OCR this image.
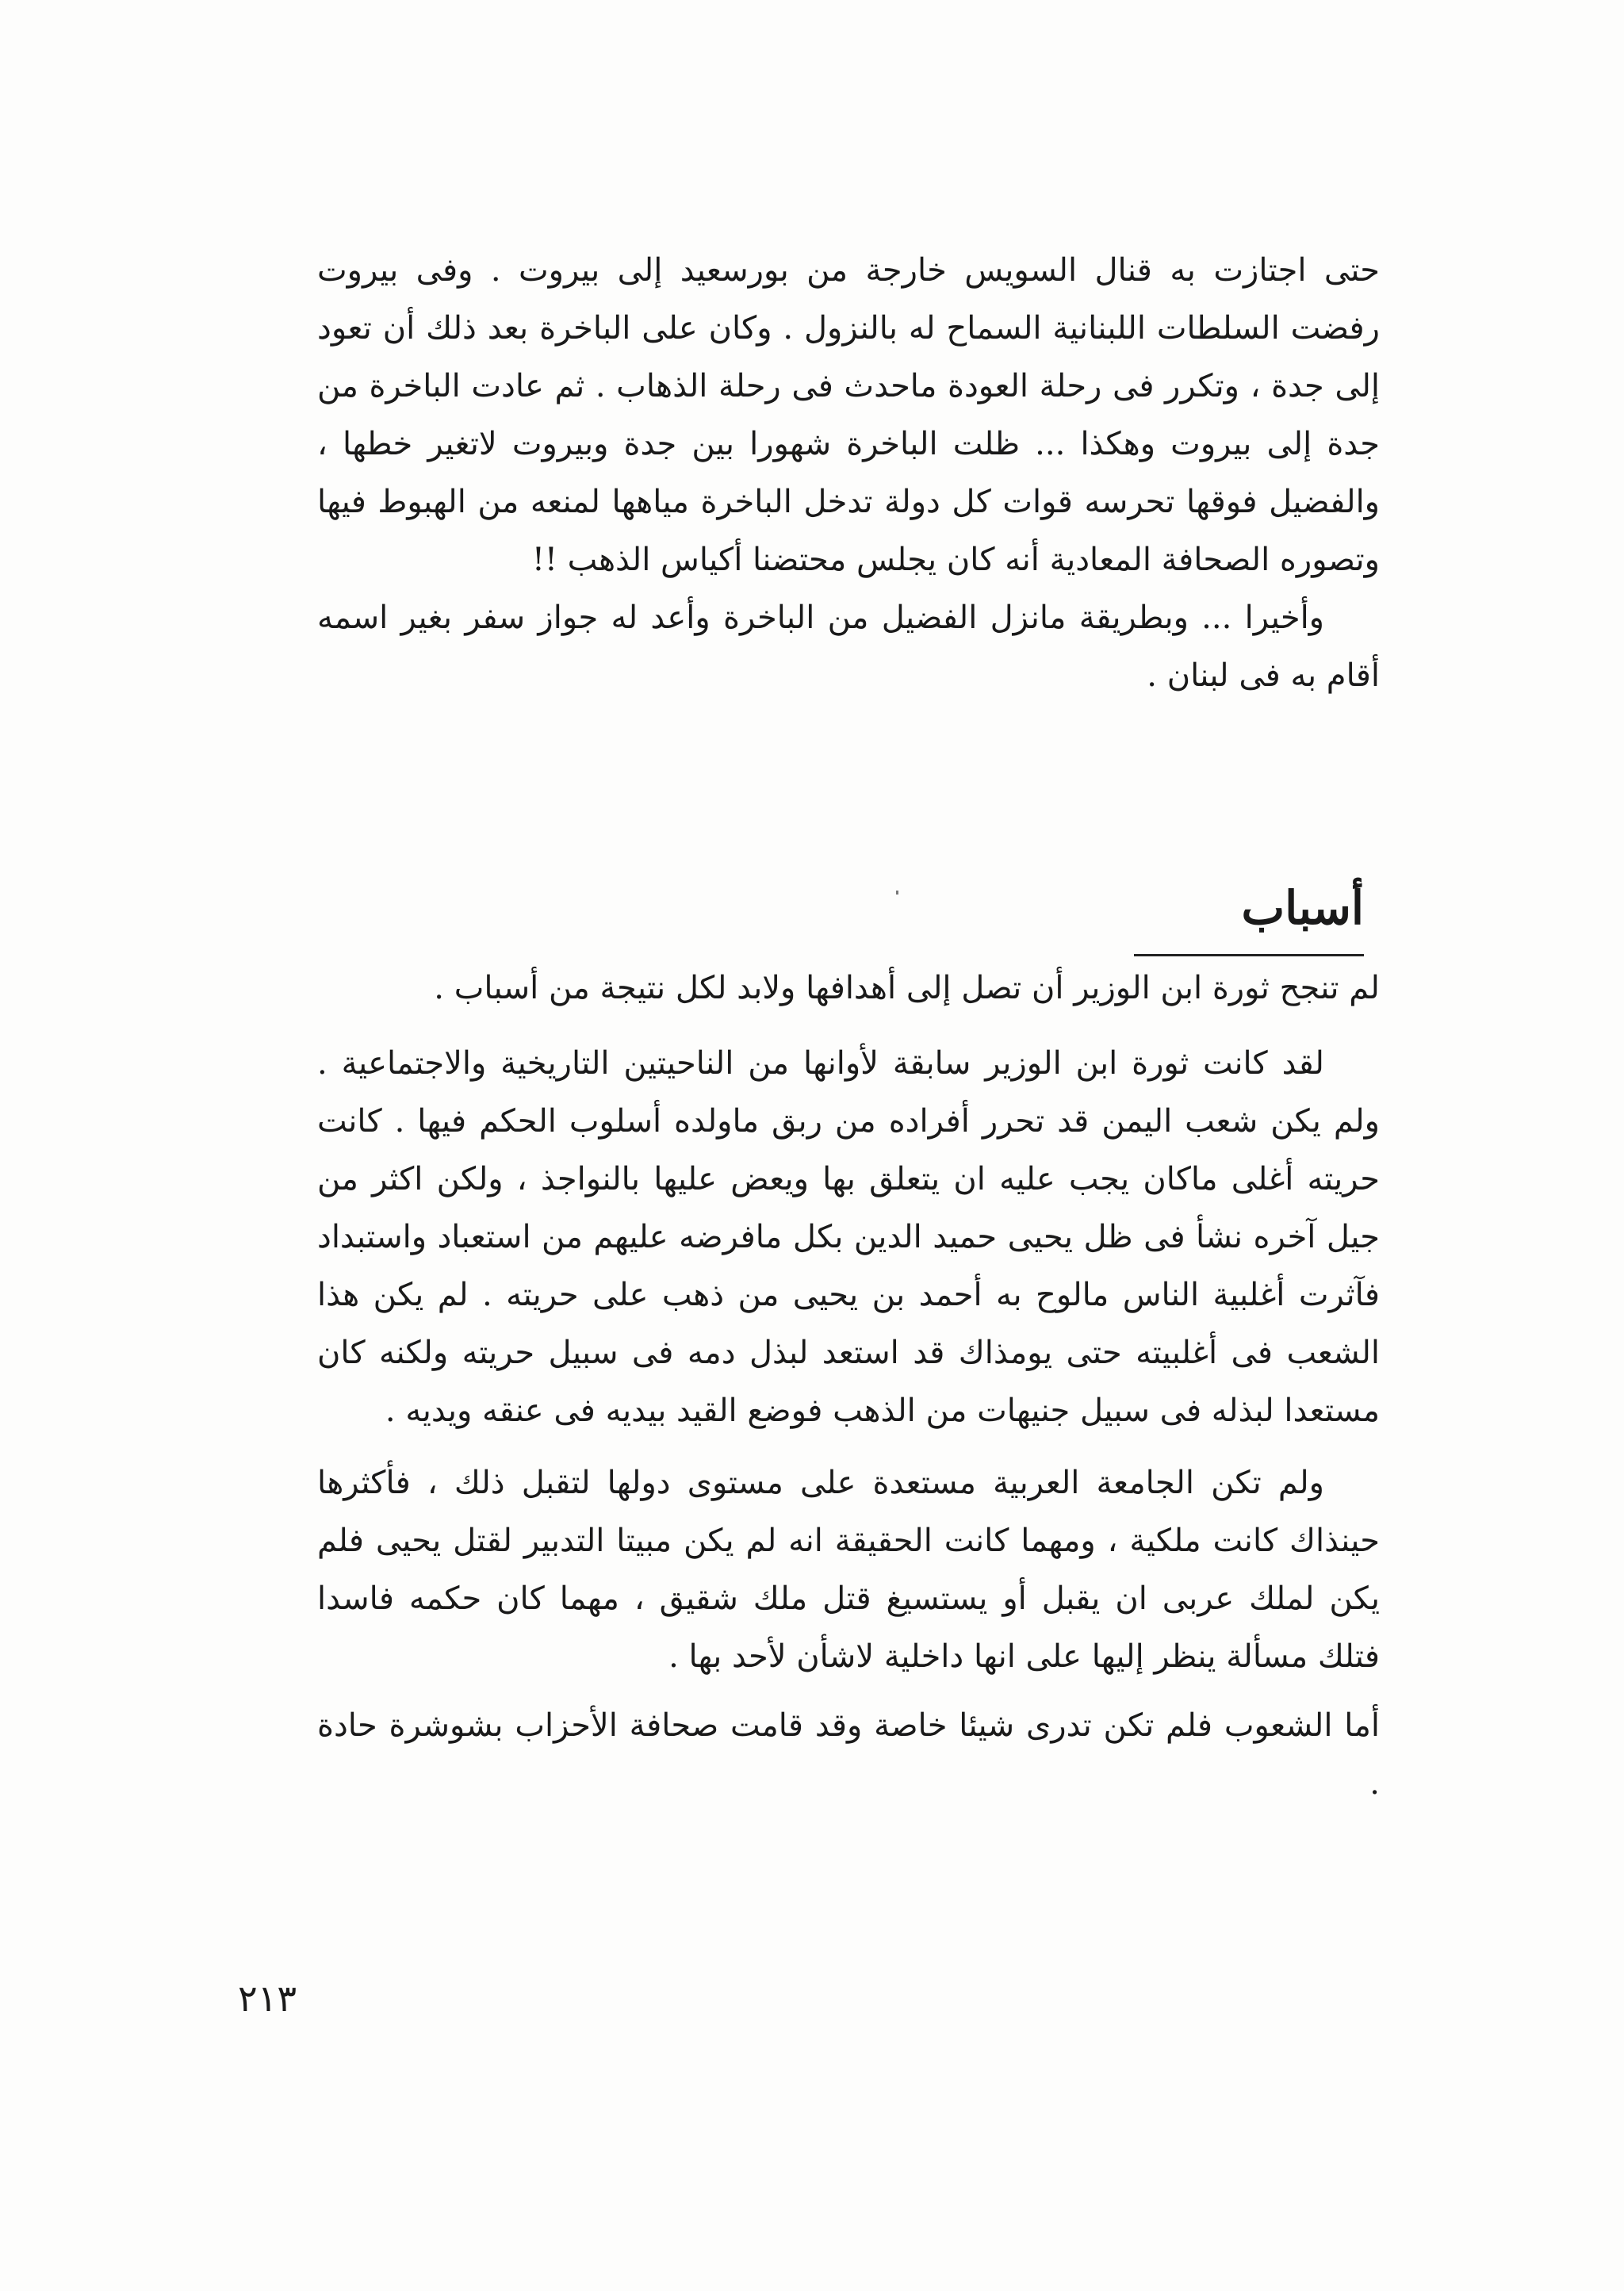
حتى اجتازت به قنال السويس خارجة من بورسعيد إلى بيروت . وفى بيروت رفضت السلطات اللبنانية السماح له بالنزول . وكان على الباخرة بعد ذلك أن تعود إلى جدة ، وتكرر فى رحلة العودة ماحدث فى رحلة الذهاب . ثم عادت الباخرة من جدة إلى بيروت وهكذا ... ظلت الباخرة شهورا بين جدة وبيروت لاتغير خطها ، والفضيل فوقها تحرسه قوات كل دولة تدخل الباخرة مياهها لمنعه من الهبوط فيها وتصوره الصحافة المعادية أنه كان يجلس محتضنا أكياس الذهب !!

وأخيرا ... وبطريقة مانزل الفضيل من الباخرة وأعد له جواز سفر بغير اسمه أقام به فى لبنان .

أسباب

لم تنجح ثورة ابن الوزير أن تصل إلى أهدافها ولابد لكل نتيجة من أسباب .

لقد كانت ثورة ابن الوزير سابقة لأوانها من الناحيتين التاريخية والاجتماعية . ولم يكن شعب اليمن قد تحرر أفراده من ربق ماولده أسلوب الحكم فيها . كانت حريته أغلى ماكان يجب عليه ان يتعلق بها ويعض عليها بالنواجذ ، ولكن اكثر من جيل آخره نشأ فى ظل يحيى حميد الدين بكل مافرضه عليهم من استعباد واستبداد فآثرت أغلبية الناس مالوح به أحمد بن يحيى من ذهب على حريته . لم يكن هذا الشعب فى أغلبيته حتى يومذاك قد استعد لبذل دمه فى سبيل حريته ولكنه كان مستعدا لبذله فى سبيل جنيهات من الذهب فوضع القيد بيديه فى عنقه ويديه .

ولم تكن الجامعة العربية مستعدة على مستوى دولها لتقبل ذلك ، فأكثرها حينذاك كانت ملكية ، ومهما كانت الحقيقة انه لم يكن مبيتا التدبير لقتل يحيى فلم يكن لملك عربى ان يقبل أو يستسيغ قتل ملك شقيق ، مهما كان حكمه فاسدا فتلك مسألة ينظر إليها على انها داخلية لاشأن لأحد بها .

أما الشعوب فلم تكن تدرى شيئا خاصة وقد قامت صحافة الأحزاب بشوشرة حادة .

٢١٣
